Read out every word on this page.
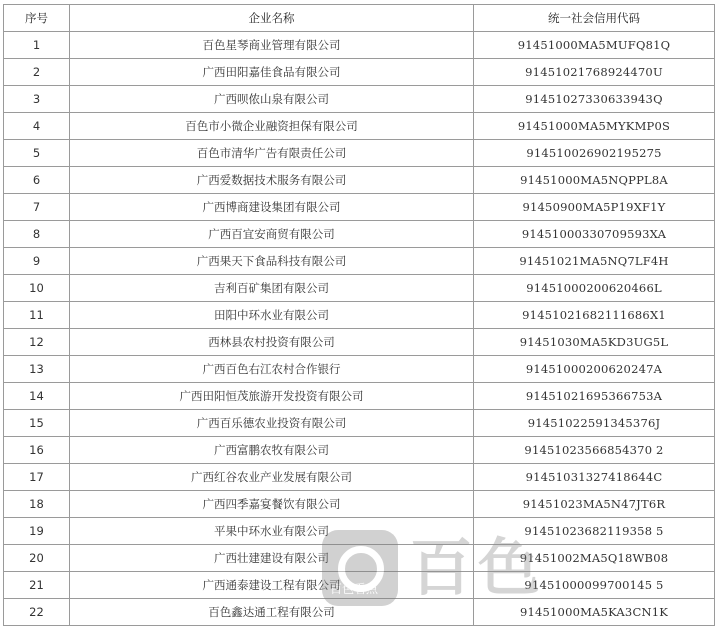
序号	企业名称	统一社会信用代码
1	百色星琴商业管理有限公司	91451000MA5MUFQ81Q
2	广西田阳嘉佳食品有限公司	91451021768924470U
3	广西呗侬山泉有限公司	91451027330633943Q
4	百色市小微企业融资担保有限公司	91451000MA5MYKMP0S
5	百色市清华广告有限责任公司	914510026902195275
6	广西爱数据技术服务有限公司	91451000MA5NQPPL8A
7	广西博商建设集团有限公司	91450900MA5P19XF1Y
8	广西百宜安商贸有限公司	91451000330709593XA
9	广西果天下食品科技有限公司	91451021MA5NQ7LF4H
10	吉利百矿集团有限公司	91451000200620466L
11	田阳中环水业有限公司	91451021682111686X1
12	西林县农村投资有限公司	91451030MA5KD3UG5L
13	广西百色右江农村合作银行	91451000200620247A
14	广西田阳恒茂旅游开发投资有限公司	91451021695366753A
15	广西百乐德农业投资有限公司	91451022591345376J
16	广西富鹏农牧有限公司	91451023566854370 2
17	广西红谷农业产业发展有限公司	91451031327418644C
18	广西四季嘉宴餐饮有限公司	91451023MA5N47JT6R
19	平果中环水业有限公司	91451023682119358 5
20	广西壮建建设有限公司	91451002MA5Q18WB08
21	广西通泰建设工程有限公司	91451000099700145 5
22	百色鑫达通工程有限公司	91451000MA5KA3CN1K
百色看点 百色
